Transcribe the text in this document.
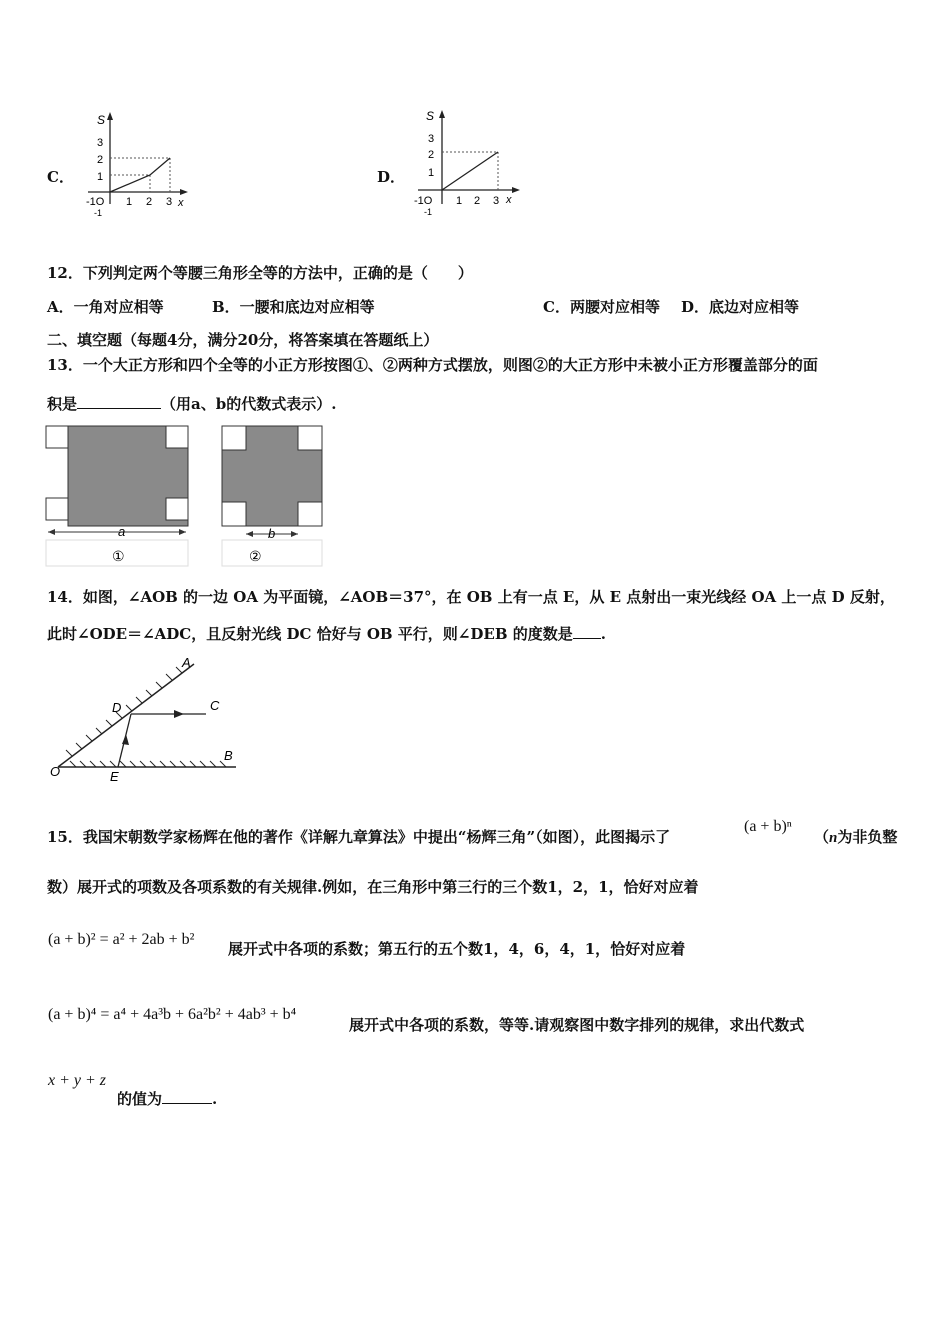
C．
S
3
2
1
-1O
-1
1 2 3 x
D．
S
3
2
1
-1O
-1
1 2 3 x
12．下列判定两个等腰三角形全等的方法中，正确的是（　　）
A．一角对应相等	B．一腰和底边对应相等	C．两腰对应相等 D．底边对应相等
二、填空题（每题4分，满分20分，将答案填在答题纸上）
13．一个大正方形和四个全等的小正方形按图①、②两种方式摆放，则图②的大正方形中未被小正方形覆盖部分的面
积是	（用a、b的代数式表示）.
a
①
b
②
14．如图，∠AOB 的一边 OA 为平面镜，∠AOB＝37°，在 OB 上有一点 E，从 E 点射出一束光线经 OA 上一点 D 反射，
此时∠ODE＝∠ADC，且反射光线 DC 恰好与 OB 平行，则∠DEB 的度数是 .
A
D	C
B
O	E
15．我国宋朝数学家杨辉在他的著作《详解九章算法》中提出“杨辉三角”（如图），此图揭示了
(a + b)ⁿ
（n为非负整
数）展开式的项数及各项系数的有关规律.例如，在三角形中第三行的三个数1，2，1，恰好对应着
(a + b)² = a² + 2ab + b²
展开式中各项的系数；第五行的五个数1，4，6，4，1，恰好对应着
(a + b)⁴ = a⁴ + 4a³b + 6a²b² + 4ab³ + b⁴
展开式中各项的系数，等等.请观察图中数字排列的规律，求出代数式
x + y + z
的值为	.
